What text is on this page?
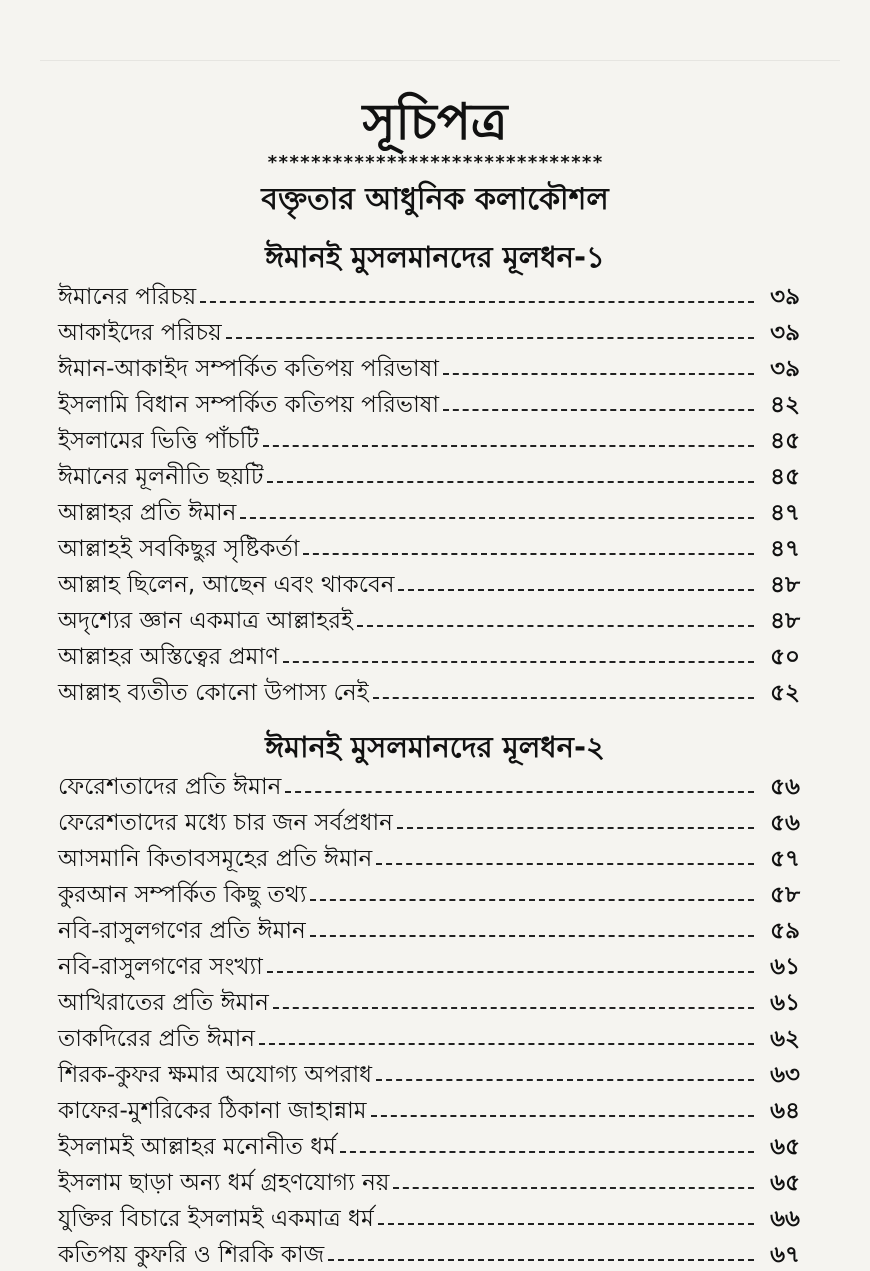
সূচিপত্র
*******************************
বক্তৃতার আধুনিক কলাকৌশল
ঈমানই মুসলমানদের মূলধন-১
ঈমানের পরিচয়	৩৯
আকাইদের পরিচয়	৩৯
ঈমান-আকাইদ সম্পর্কিত কতিপয় পরিভাষা	৩৯
ইসলামি বিধান সম্পর্কিত কতিপয় পরিভাষা	৪২
ইসলামের ভিত্তি পাঁচটি	৪৫
ঈমানের মূলনীতি ছয়টি	৪৫
আল্লাহর প্রতি ঈমান	৪৭
আল্লাহই সবকিছুর সৃষ্টিকর্তা	৪৭
আল্লাহ ছিলেন, আছেন এবং থাকবেন	৪৮
অদৃশ্যের জ্ঞান একমাত্র আল্লাহরই	৪৮
আল্লাহর অস্তিত্বের প্রমাণ	৫০
আল্লাহ ব্যতীত কোনো উপাস্য নেই	৫২
ঈমানই মুসলমানদের মূলধন-২
ফেরেশতাদের প্রতি ঈমান	৫৬
ফেরেশতাদের মধ্যে চার জন সর্বপ্রধান	৫৬
আসমানি কিতাবসমূহের প্রতি ঈমান	৫৭
কুরআন সম্পর্কিত কিছু তথ্য	৫৮
নবি-রাসুলগণের প্রতি ঈমান	৫৯
নবি-রাসুলগণের সংখ্যা	৬১
আখিরাতের প্রতি ঈমান	৬১
তাকদিরের প্রতি ঈমান	৬২
শিরক-কুফর ক্ষমার অযোগ্য অপরাধ	৬৩
কাফের-মুশরিকের ঠিকানা জাহান্নাম	৬৪
ইসলামই আল্লাহর মনোনীত ধর্ম	৬৫
ইসলাম ছাড়া অন্য ধর্ম গ্রহণযোগ্য নয়	৬৫
যুক্তির বিচারে ইসলামই একমাত্র ধর্ম	৬৬
কতিপয় কুফরি ও শিরকি কাজ	৬৭
